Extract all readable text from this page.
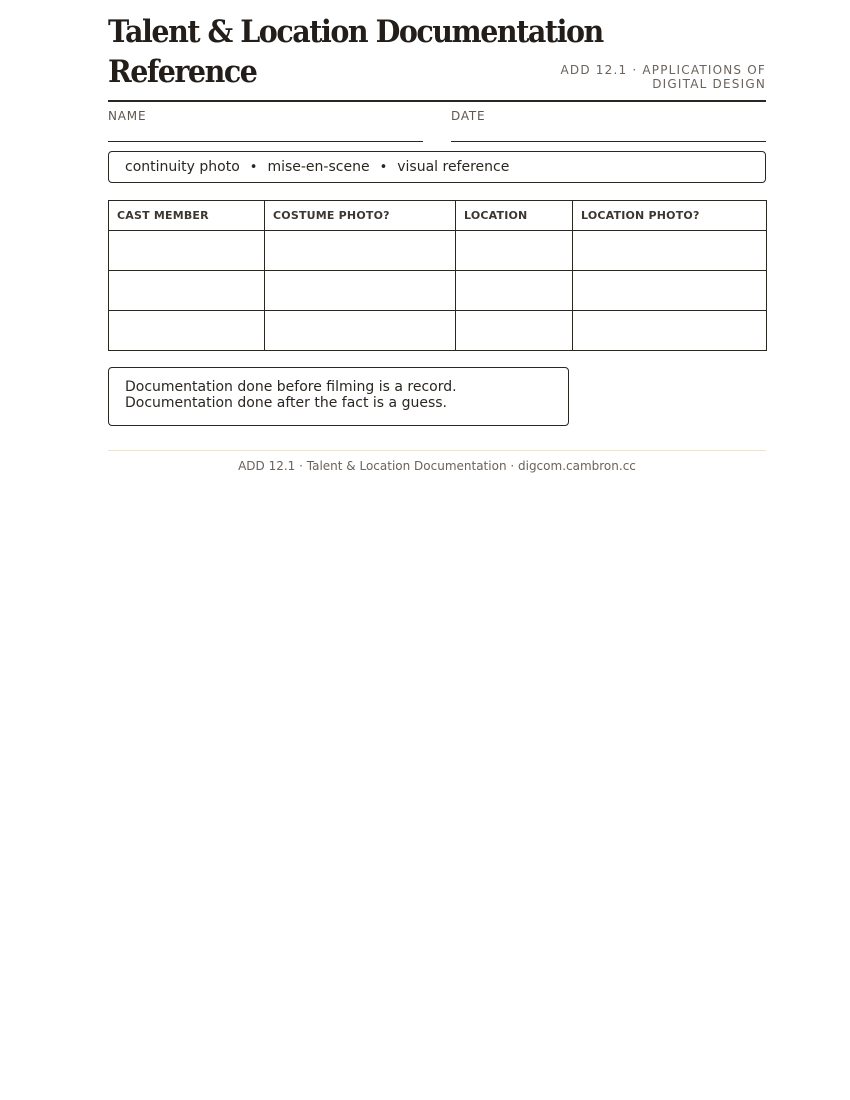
Talent & Location Documentation
Reference	ADD 12.1 · APPLICATIONS OF
DIGITAL DESIGN
NAME	DATE
continuity photo • mise-en-scene • visual reference
CAST MEMBER	COSTUME PHOTO?	LOCATION	LOCATION PHOTO?

Documentation done before filming is a record.
Documentation done after the fact is a guess.
ADD 12.1 · Talent & Location Documentation · digcom.cambron.cc
